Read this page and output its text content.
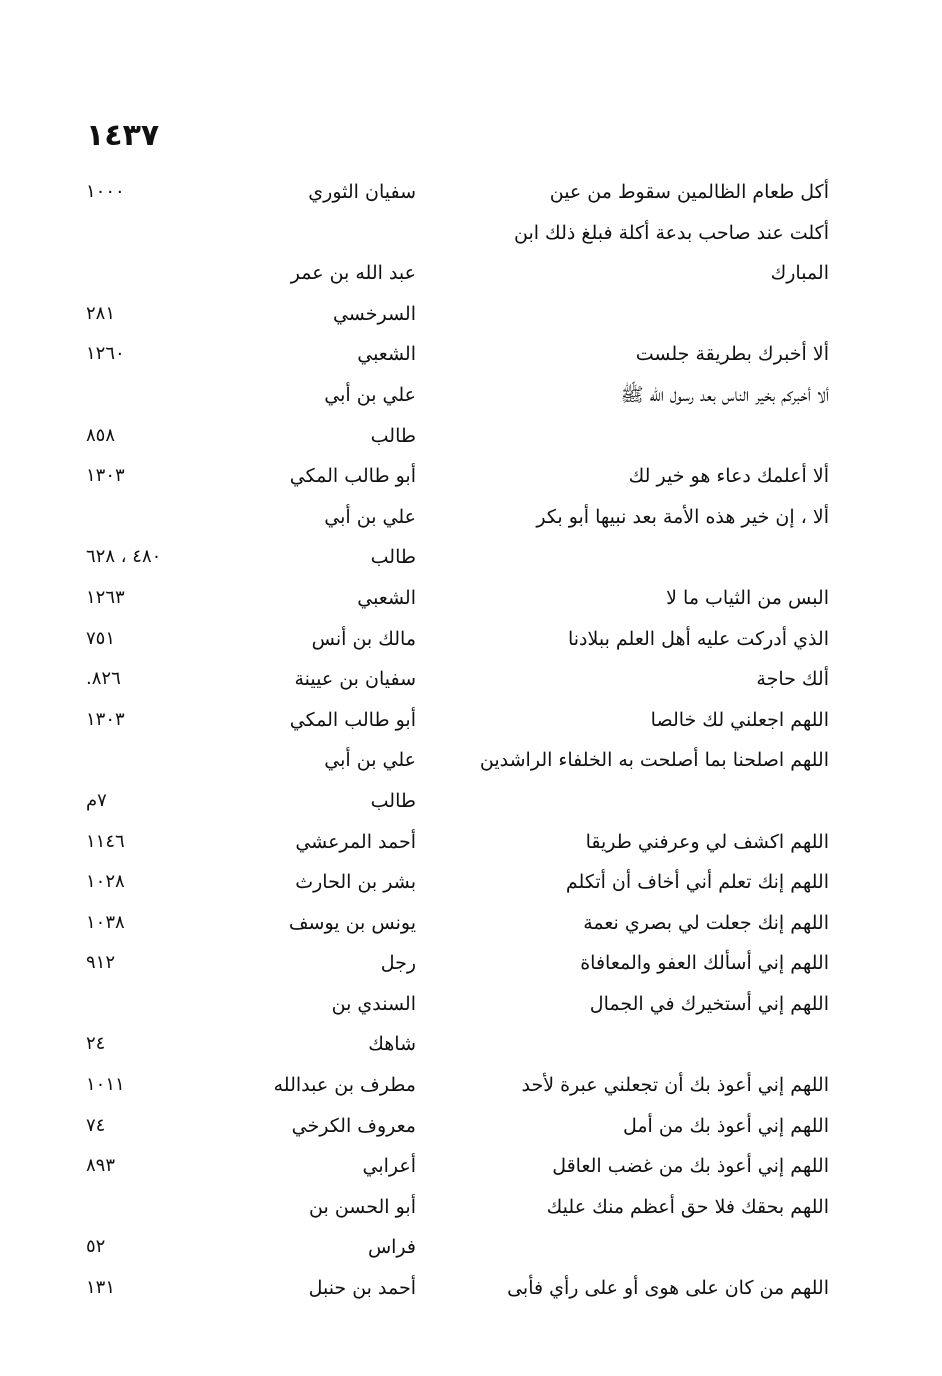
١٤٣٧
أكل طعام الظالمين سقوط من عين
سفيان الثوري
١٠٠٠
أكلت عند صاحب بدعة أكلة فبلغ ذلك ابن
المبارك
عبد الله بن عمر
السرخسي
٢٨١
ألا أخبرك بطريقة جلست
الشعبي
١٢٦٠
ألا أخبركم بخير الناس بعد رسول الله ﷺ
علي بن أبي
طالب
٨٥٨
ألا أعلمك دعاء هو خير لك
أبو طالب المكي
١٣٠٣
ألا ، إن خير هذه الأمة بعد نبيها أبو بكر
علي بن أبي
طالب
٤٨٠ ، ٦٢٨
البس من الثياب ما لا
الشعبي
١٢٦٣
الذي أدركت عليه أهل العلم ببلادنا
مالك بن أنس
٧٥١
ألك حاجة
سفيان بن عيينة
٨٢٦.
اللهم اجعلني لك خالصا
أبو طالب المكي
١٣٠٣
اللهم اصلحنا بما أصلحت به الخلفاء الراشدين
علي بن أبي
طالب
٧م
اللهم اكشف لي وعرفني طريقا
أحمد المرعشي
١١٤٦
اللهم إنك تعلم أني أخاف أن أتكلم
بشر بن الحارث
١٠٢٨
اللهم إنك جعلت لي بصري نعمة
يونس بن يوسف
١٠٣٨
اللهم إني أسألك العفو والمعافاة
رجل
٩١٢
اللهم إني أستخيرك في الجمال
السندي بن
شاهك
٢٤
اللهم إني أعوذ بك أن تجعلني عبرة لأحد
مطرف بن عبدالله
١٠١١
اللهم إني أعوذ بك من أمل
معروف الكرخي
٧٤
اللهم إني أعوذ بك من غضب العاقل
أعرابي
٨٩٣
اللهم بحقك فلا حق أعظم منك عليك
أبو الحسن بن
فراس
٥٢
اللهم من كان على هوى أو على رأي فأبى
أحمد بن حنبل
١٣١
